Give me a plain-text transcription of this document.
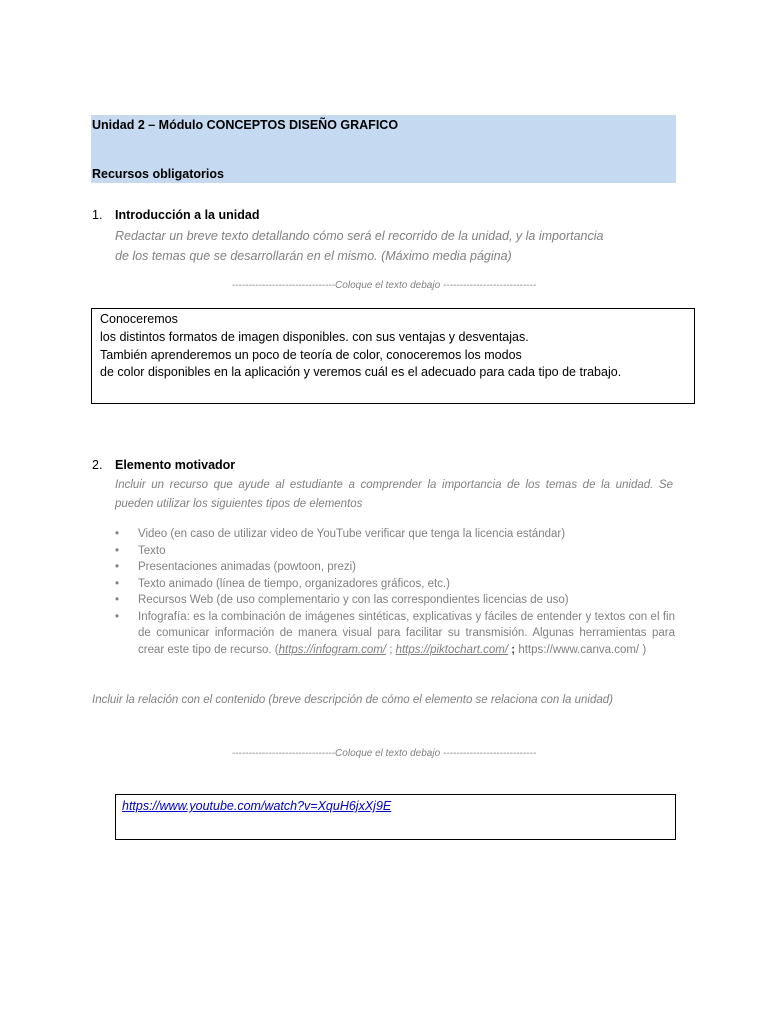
Unidad 2 – Módulo CONCEPTOS DISEÑO GRAFICO
Recursos obligatorios
1. Introducción a la unidad
Redactar un breve texto detallando cómo será el recorrido de la unidad, y la importancia
de los temas que se desarrollarán en el mismo. (Máximo media página)
-------------------------------Coloque el texto debajo ----------------------------

Conoceremos

los distintos formatos de imagen disponibles. con sus ventajas y desventajas.

También aprenderemos un poco de teoría de color, conoceremos los modos

de color disponibles en la aplicación y veremos cuál es el adecuado para cada tipo de trabajo.

2. Elemento motivador
Incluir un recurso que ayude al estudiante a comprender la importancia de los temas de la unidad. Se pueden utilizar los siguientes tipos de elementos
• Video (en caso de utilizar video de YouTube verificar que tenga la licencia estándar)
• Texto
• Presentaciones animadas (powtoon, prezi)
• Texto animado (línea de tiempo, organizadores gráficos, etc.)
• Recursos Web (de uso complementario y con las correspondientes licencias de uso)
• Infografía: es la combinación de imágenes sintéticas, explicativas y fáciles de entender y textos con el fin de comunicar información de manera visual para facilitar su transmisión. Algunas herramientas para crear este tipo de recurso. (https://infogram.com/ ; https://piktochart.com/ ; https://www.canva.com/ )
Incluir la relación con el contenido (breve descripción de cómo el elemento se relaciona con la unidad)
-------------------------------Coloque el texto debajo ----------------------------
https://www.youtube.com/watch?v=XquH6jxXj9E
